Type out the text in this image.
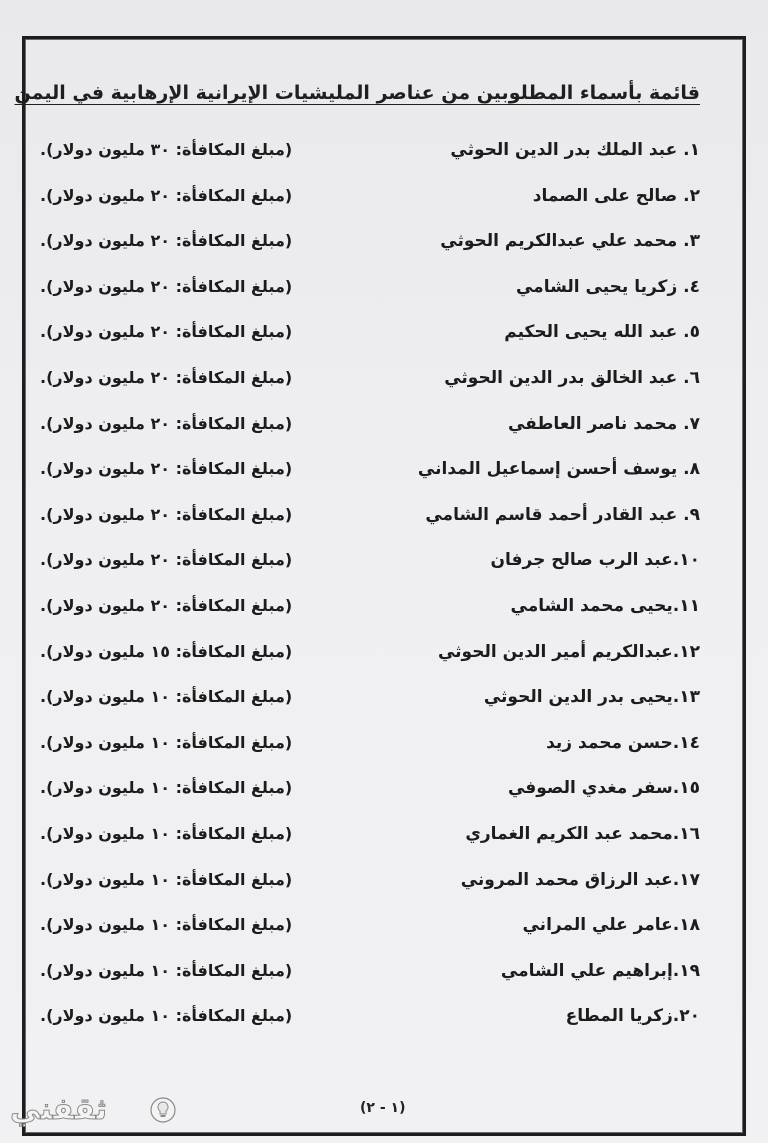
قائمة بأسماء المطلوبين من عناصر المليشيات الإيرانية الإرهابية في اليمن
١. عبد الملك بدر الدين الحوثي
(مبلغ المكافأة: ٣٠ مليون دولار).
٢. صالح على الصماد
(مبلغ المكافأة: ٢٠ مليون دولار).
٣. محمد علي عبدالكريم الحوثي
(مبلغ المكافأة: ٢٠ مليون دولار).
٤. زكريا يحيى الشامي
(مبلغ المكافأة: ٢٠ مليون دولار).
٥. عبد الله يحيى الحكيم
(مبلغ المكافأة: ٢٠ مليون دولار).
٦. عبد الخالق بدر الدين الحوثي
(مبلغ المكافأة: ٢٠ مليون دولار).
٧. محمد ناصر العاطفي
(مبلغ المكافأة: ٢٠ مليون دولار).
٨. يوسف أحسن إسماعيل المداني
(مبلغ المكافأة: ٢٠ مليون دولار).
٩. عبد القادر أحمد قاسم الشامي
(مبلغ المكافأة: ٢٠ مليون دولار).
١٠.عبد الرب صالح جرفان
(مبلغ المكافأة: ٢٠ مليون دولار).
١١.يحيى محمد الشامي
(مبلغ المكافأة: ٢٠ مليون دولار).
١٢.عبدالكريم أمير الدين الحوثي
(مبلغ المكافأة: ١٥ مليون دولار).
١٣.يحيى بدر الدين الحوثي
(مبلغ المكافأة: ١٠ مليون دولار).
١٤.حسن محمد زيد
(مبلغ المكافأة: ١٠ مليون دولار).
١٥.سفر مغدي الصوفي
(مبلغ المكافأة: ١٠ مليون دولار).
١٦.محمد عبد الكريم الغماري
(مبلغ المكافأة: ١٠ مليون دولار).
١٧.عبد الرزاق محمد المروني
(مبلغ المكافأة: ١٠ مليون دولار).
١٨.عامر علي المراني
(مبلغ المكافأة: ١٠ مليون دولار).
١٩.إبراهيم علي الشامي
(مبلغ المكافأة: ١٠ مليون دولار).
٢٠.زكريا المطاع
(مبلغ المكافأة: ١٠ مليون دولار).
(١ - ٢)
ثقفني
